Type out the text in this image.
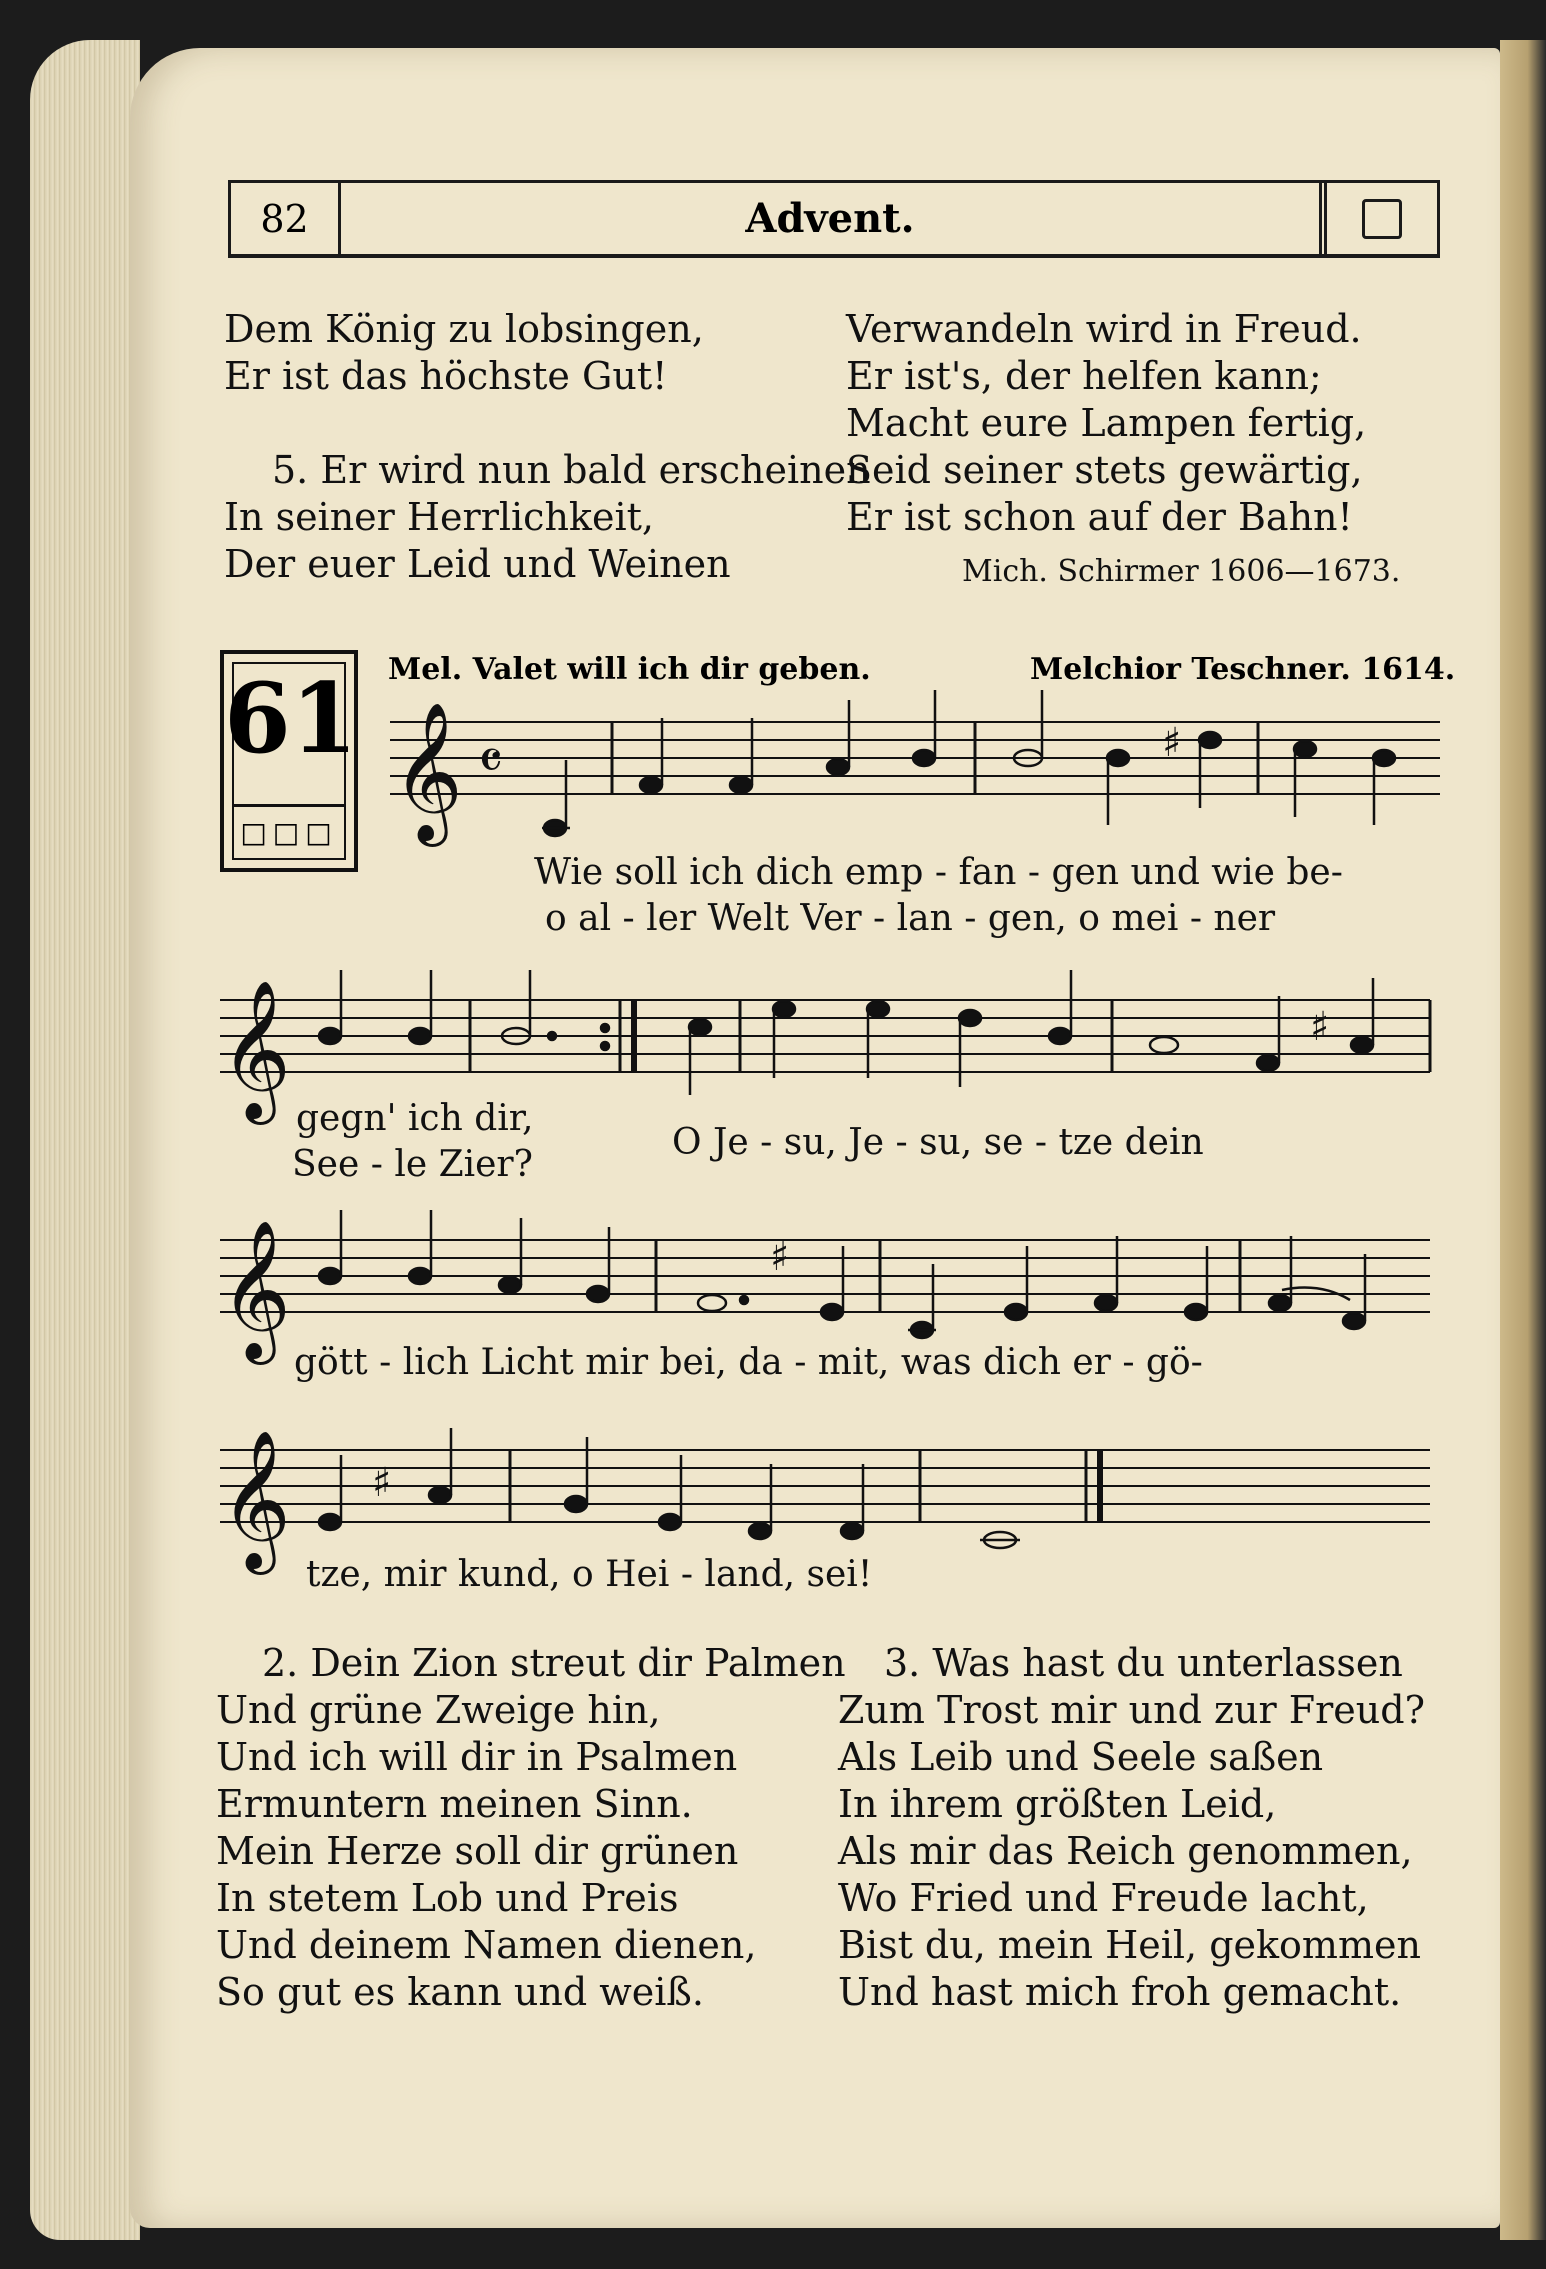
82	Advent.
Dem König zu lobsingen,
Er ist das höchste Gut!
5. Er wird nun bald erscheinen
In seiner Herrlichkeit,
Der euer Leid und Weinen
Verwandeln wird in Freud.
Er ist's, der helfen kann;
Macht eure Lampen fertig,
Seid seiner stets gewärtig,
Er ist schon auf der Bahn!
Mich. Schirmer 1606—1673.
61
□□□
Mel. Valet will ich dir geben.	Melchior Teschner. 1614.
𝄞 𝄴	♯
𝄞	♯
𝄞	♯
𝄞 ♯
Wie soll ich dich emp - fan - gen und wie be-
o al - ler Welt Ver - lan - gen, o mei - ner
gegn' ich dir,
See - le Zier?
O Je - su, Je - su, se - tze dein
gött - lich Licht mir bei, da - mit, was dich er - gö-
tze, mir kund, o Hei - land, sei!
2. Dein Zion streut dir Palmen
Und grüne Zweige hin,
Und ich will dir in Psalmen
Ermuntern meinen Sinn.
Mein Herze soll dir grünen
In stetem Lob und Preis
Und deinem Namen dienen,
So gut es kann und weiß.
3. Was hast du unterlassen
Zum Trost mir und zur Freud?
Als Leib und Seele saßen
In ihrem größten Leid,
Als mir das Reich genommen,
Wo Fried und Freude lacht,
Bist du, mein Heil, gekommen
Und hast mich froh gemacht.
